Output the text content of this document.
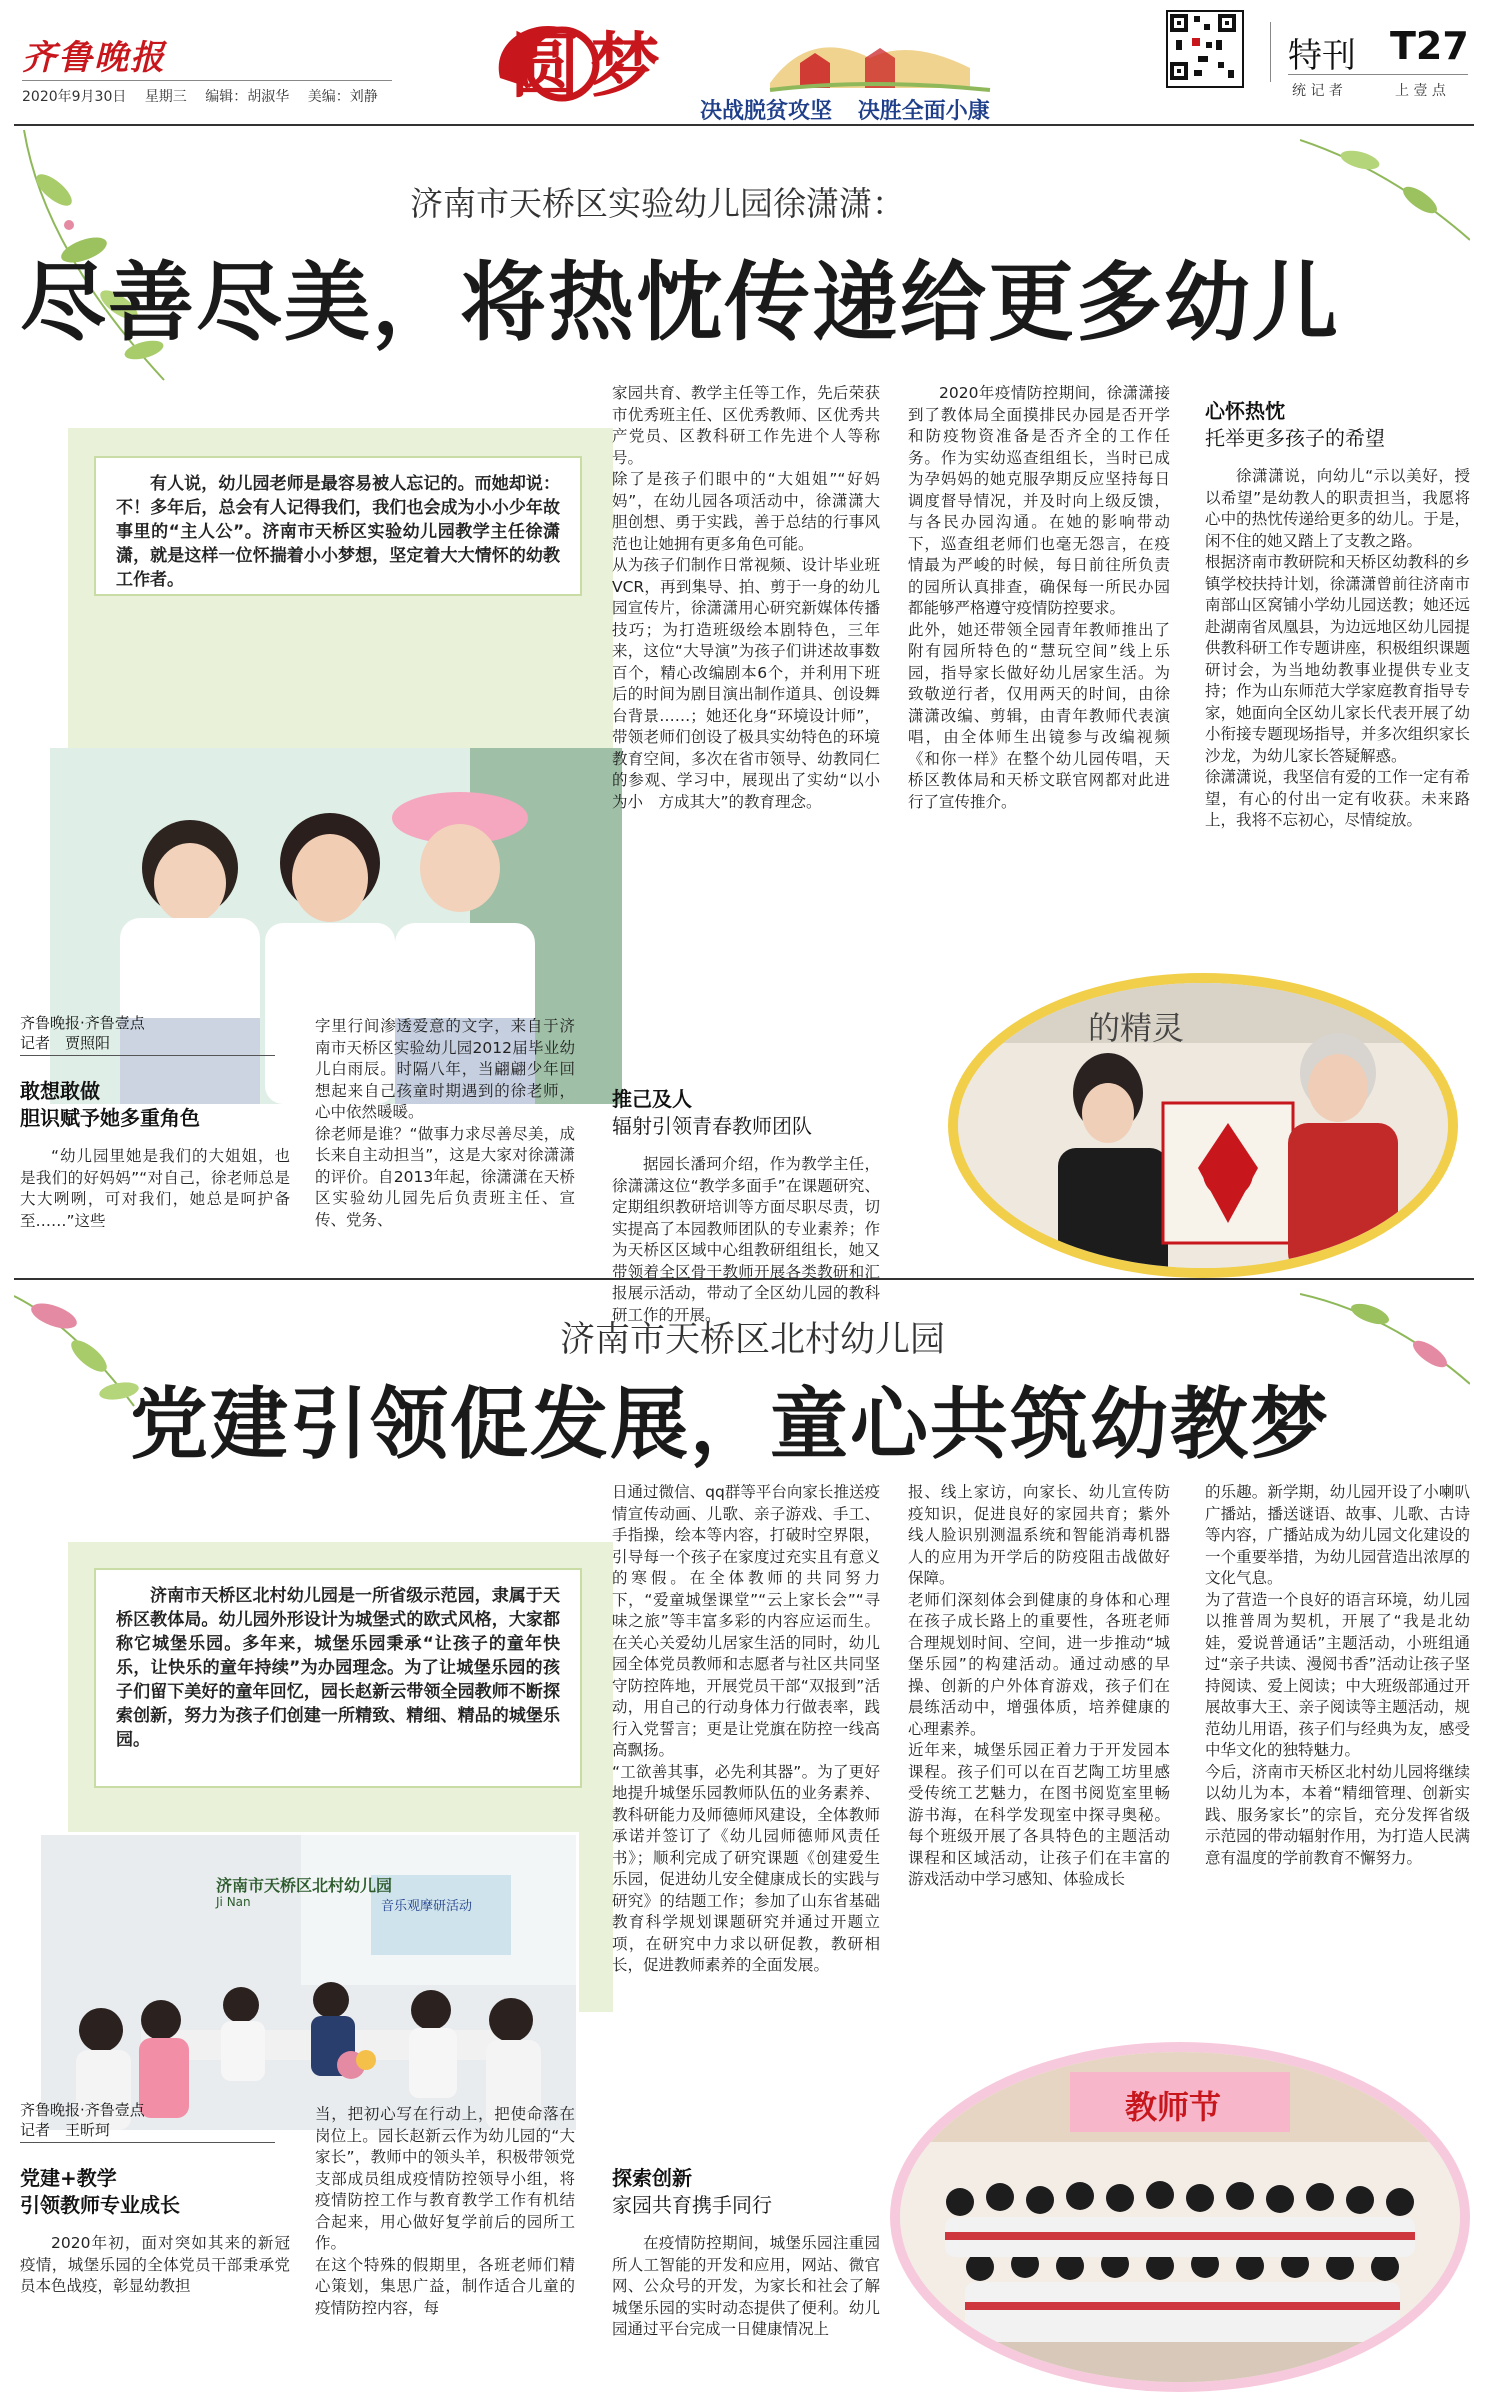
齐鲁晚报
2020年9月30日 星期三 编辑：胡淑华 美编：刘静 圆梦
决战脱贫攻坚 决胜全面小康
特刊 T27
统 记 者	上 壹 点
济南市天桥区实验幼儿园徐潇潇：
尽善尽美，将热忱传递给更多幼儿

有人说，幼儿园老师是最容易被人忘记的。而她却说：不！多年后，总会有人记得我们，我们也会成为小小少年故事里的“主人公”。济南市天桥区实验幼儿园教学主任徐潇潇，就是这样一位怀揣着小小梦想，坚定着大大情怀的幼教工作者。

齐鲁晚报·齐鲁壹点

记者　贾照阳

敢想敢做

胆识赋予她多重角色

“幼儿园里她是我们的大姐姐，也是我们的好妈妈”“对自己，徐老师总是大大咧咧，可对我们，她总是呵护备至……”这些

字里行间渗透爱意的文字，来自于济南市天桥区实验幼儿园2012届毕业幼儿白雨辰。时隔八年，当翩翩少年回想起来自己孩童时期遇到的徐老师，心中依然暖暖。
徐老师是谁？“做事力求尽善尽美，成长来自主动担当”，这是大家对徐潇潇的评价。自2013年起，徐潇潇在天桥区实验幼儿园先后负责班主任、宣传、党务、

家园共育、教学主任等工作，先后荣获市优秀班主任、区优秀教师、区优秀共产党员、区教科研工作先进个人等称号。
除了是孩子们眼中的“大姐姐”“好妈妈”，在幼儿园各项活动中，徐潇潇大胆创想、勇于实践，善于总结的行事风范也让她拥有更多角色可能。
从为孩子们制作日常视频、设计毕业班VCR，再到集导、拍、剪于一身的幼儿园宣传片，徐潇潇用心研究新媒体传播技巧；为打造班级绘本剧特色，三年来，这位“大导演”为孩子们讲述故事数百个，精心改编剧本6个，并利用下班后的时间为剧目演出制作道具、创设舞台背景……；她还化身“环境设计师”，带领老师们创设了极具实幼特色的环境教育空间，多次在省市领导、幼教同仁的参观、学习中，展现出了实幼“以小为小　方成其大”的教育理念。

推己及人

辐射引领青春教师团队

据园长潘珂介绍，作为教学主任，徐潇潇这位“教学多面手”在课题研究、定期组织教研培训等方面尽职尽责，切实提高了本园教师团队的专业素养；作为天桥区区域中心组教研组组长，她又带领着全区骨干教师开展各类教研和汇报展示活动，带动了全区幼儿园的教科研工作的开展。

2020年疫情防控期间，徐潇潇接到了教体局全面摸排民办园是否开学和防疫物资准备是否齐全的工作任务。作为实幼巡查组组长，当时已成为孕妈妈的她克服孕期反应坚持每日调度督导情况，并及时向上级反馈，与各民办园沟通。在她的影响带动下，巡查组老师们也毫无怨言，在疫情最为严峻的时候，每日前往所负责的园所认真排查，确保每一所民办园都能够严格遵守疫情防控要求。
此外，她还带领全园青年教师推出了附有园所特色的“慧玩空间”线上乐园，指导家长做好幼儿居家生活。为致敬逆行者，仅用两天的时间，由徐潇潇改编、剪辑，由青年教师代表演唱，由全体师生出镜参与改编视频《和你一样》在整个幼儿园传唱，天桥区教体局和天桥文联官网都对此进行了宣传推介。

心怀热忱

托举更多孩子的希望

徐潇潇说，向幼儿“示以美好，授以希望”是幼教人的职责担当，我愿将心中的热忱传递给更多的幼儿。于是，闲不住的她又踏上了支教之路。
根据济南市教研院和天桥区幼教科的乡镇学校扶持计划，徐潇潇曾前往济南市南部山区窝铺小学幼儿园送教；她还远赴湖南省凤凰县，为边远地区幼儿园提供教科研工作专题讲座，积极组织课题研讨会，为当地幼教事业提供专业支持；作为山东师范大学家庭教育指导专家，她面向全区幼儿家长代表开展了幼小衔接专题现场指导，并多次组织家长沙龙，为幼儿家长答疑解惑。
徐潇潇说，我坚信有爱的工作一定有希望，有心的付出一定有收获。未来路上，我将不忘初心，尽情绽放。

的精灵
济南市天桥区北村幼儿园
党建引领促发展，童心共筑幼教梦

济南市天桥区北村幼儿园是一所省级示范园，隶属于天桥区教体局。幼儿园外形设计为城堡式的欧式风格，大家都称它城堡乐园。多年来，城堡乐园秉承“让孩子的童年快乐，让快乐的童年持续”为办园理念。为了让城堡乐园的孩子们留下美好的童年回忆，园长赵新云带领全园教师不断探索创新，努力为孩子们创建一所精致、精细、精品的城堡乐园。

济南市天桥区北村幼儿园
Ji Nan	音乐观摩研活动

齐鲁晚报·齐鲁壹点

记者　王昕珂

党建+教学

引领教师专业成长

2020年初，面对突如其来的新冠疫情，城堡乐园的全体党员干部秉承党员本色战疫，彰显幼教担

当，把初心写在行动上，把使命落在岗位上。园长赵新云作为幼儿园的“大家长”，教师中的领头羊，积极带领党支部成员组成疫情防控领导小组，将疫情防控工作与教育教学工作有机结合起来，用心做好复学前后的园所工作。
在这个特殊的假期里，各班老师们精心策划，集思广益，制作适合儿童的疫情防控内容，每

日通过微信、qq群等平台向家长推送疫情宣传动画、儿歌、亲子游戏、手工、手指操，绘本等内容，打破时空界限，引导每一个孩子在家度过充实且有意义的寒假。在全体教师的共同努力下，“爱童城堡课堂”“云上家长会”“寻味之旅”等丰富多彩的内容应运而生。在关心关爱幼儿居家生活的同时，幼儿园全体党员教师和志愿者与社区共同坚守防控阵地，开展党员干部“双报到”活动，用自己的行动身体力行做表率，践行入党誓言；更是让党旗在防控一线高高飘扬。
“工欲善其事，必先利其器”。为了更好地提升城堡乐园教师队伍的业务素养、教科研能力及师德师风建设，全体教师承诺并签订了《幼儿园师德师风责任书》；顺利完成了研究课题《创建爱生乐园，促进幼儿安全健康成长的实践与研究》的结题工作；参加了山东省基础教育科学规划课题研究并通过开题立项，在研究中力求以研促教，教研相长，促进教师素养的全面发展。

探索创新

家园共育携手同行

在疫情防控期间，城堡乐园注重园所人工智能的开发和应用，网站、微官网、公众号的开发，为家长和社会了解城堡乐园的实时动态提供了便利。幼儿园通过平台完成一日健康情况上

报、线上家访，向家长、幼儿宣传防疫知识，促进良好的家园共育；紫外线人脸识别测温系统和智能消毒机器人的应用为开学后的防疫阻击战做好保障。
老师们深刻体会到健康的身体和心理在孩子成长路上的重要性，各班老师合理规划时间、空间，进一步推动“城堡乐园”的构建活动。通过动感的早操、创新的户外体育游戏，孩子们在晨练活动中，增强体质，培养健康的心理素养。
近年来，城堡乐园正着力于开发园本课程。孩子们可以在百艺陶工坊里感受传统工艺魅力，在图书阅览室里畅游书海，在科学发现室中探寻奥秘。每个班级开展了各具特色的主题活动课程和区域活动，让孩子们在丰富的游戏活动中学习感知、体验成长

的乐趣。新学期，幼儿园开设了小喇叭广播站，播送谜语、故事、儿歌、古诗等内容，广播站成为幼儿园文化建设的一个重要举措，为幼儿园营造出浓厚的文化气息。
为了营造一个良好的语言环境，幼儿园以推普周为契机，开展了“我是北幼娃，爱说普通话”主题活动，小班组通过“亲子共读、漫阅书香”活动让孩子坚持阅读、爱上阅读；中大班级部通过开展故事大王、亲子阅读等主题活动，规范幼儿用语，孩子们与经典为友，感受中华文化的独特魅力。
今后，济南市天桥区北村幼儿园将继续以幼儿为本，本着“精细管理、创新实践、服务家长”的宗旨，充分发挥省级示范园的带动辐射作用，为打造人民满意有温度的学前教育不懈努力。

教师节
